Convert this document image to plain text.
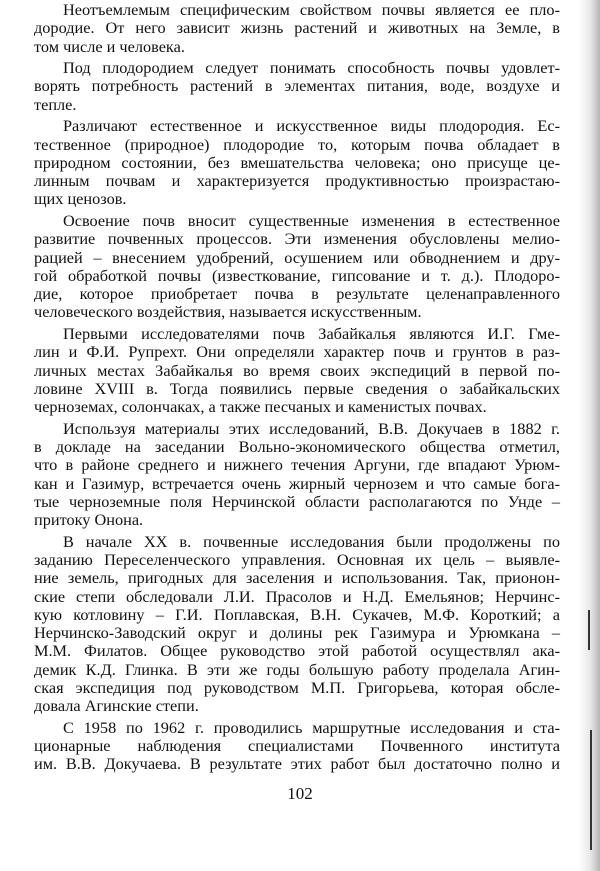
Неотъемлемым специфическим свойством почвы является ее пло-
дородие. От него зависит жизнь растений и животных на Земле, в
том числе и человека.
Под плодородием следует понимать способность почвы удовлет-
ворять потребность растений в элементах питания, воде, воздухе и
тепле.
Различают естественное и искусственное виды плодородия. Ес-
тественное (природное) плодородие то, которым почва обладает в
природном состоянии, без вмешательства человека; оно присуще це-
линным почвам и характеризуется продуктивностью произрастаю-
щих ценозов.
Освоение почв вносит существенные изменения в естественное
развитие почвенных процессов. Эти изменения обусловлены мелио-
рацией – внесением удобрений, осушением или обводнением и дру-
гой обработкой почвы (известкование, гипсование и т. д.). Плодоро-
дие, которое приобретает почва в результате целенаправленного
человеческого воздействия, называется искусственным.
Первыми исследователями почв Забайкалья являются И.Г. Гме-
лин и Ф.И. Рупрехт. Они определяли характер почв и грунтов в раз-
личных местах Забайкалья во время своих экспедиций в первой по-
ловине XVIII в. Тогда появились первые сведения о забайкальских
черноземах, солончаках, а также песчаных и каменистых почвах.
Используя материалы этих исследований, В.В. Докучаев в 1882 г.
в докладе на заседании Вольно-экономического общества отметил,
что в районе среднего и нижнего течения Аргуни, где впадают Урюм-
кан и Газимур, встречается очень жирный чернозем и что самые бога-
тые черноземные поля Нерчинской области располагаются по Унде –
притоку Онона.
В начале XX в. почвенные исследования были продолжены по
заданию Переселенческого управления. Основная их цель – выявле-
ние земель, пригодных для заселения и использования. Так, прионон-
ские степи обследовали Л.И. Прасолов и Н.Д. Емельянов; Нерчинс-
кую котловину – Г.И. Поплавская, В.Н. Сукачев, М.Ф. Короткий; а
Нерчинско-Заводский округ и долины рек Газимура и Урюмкана –
М.М. Филатов. Общее руководство этой работой осуществлял ака-
демик К.Д. Глинка. В эти же годы большую работу проделала Агин-
ская экспедиция под руководством М.П. Григорьева, которая обсле-
довала Агинские степи.
С 1958 по 1962 г. проводились маршрутные исследования и ста-
ционарные наблюдения специалистами Почвенного института
им. В.В. Докучаева. В результате этих работ был достаточно полно и
102
